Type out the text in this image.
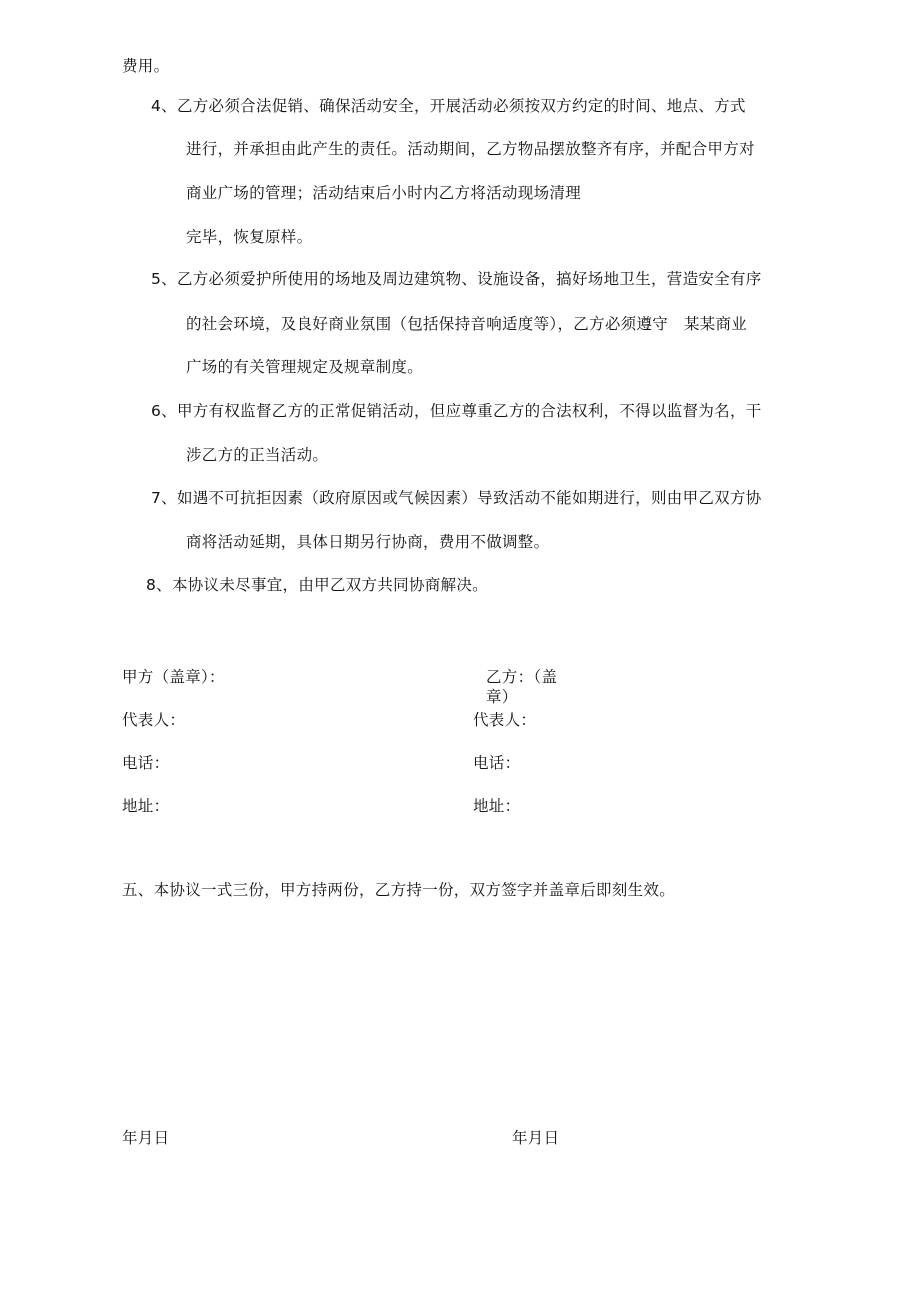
费用。
4、乙方必须合法促销、确保活动安全，开展活动必须按双方约定的时间、地点、方式
进行，并承担由此产生的责任。活动期间，乙方物品摆放整齐有序，并配合甲方对
商业广场的管理；活动结束后小时内乙方将活动现场清理
完毕，恢复原样。
5、乙方必须爱护所使用的场地及周边建筑物、设施设备，搞好场地卫生，营造安全有序
的社会环境，及良好商业氛围（包括保持音响适度等），乙方必须遵守　某某商业
广场的有关管理规定及规章制度。
6、甲方有权监督乙方的正常促销活动，但应尊重乙方的合法权利，不得以监督为名，干
涉乙方的正当活动。
7、如遇不可抗拒因素（政府原因或气候因素）导致活动不能如期进行，则由甲乙双方协
商将活动延期，具体日期另行协商，费用不做调整。
8、本协议未尽事宜，由甲乙双方共同协商解决。
甲方（盖章）：	乙方：（盖章）
代表人：	代表人：
电话：	电话：
地址：	地址：
五、本协议一式三份，甲方持两份，乙方持一份，双方签字并盖章后即刻生效。
年月日	年月日
